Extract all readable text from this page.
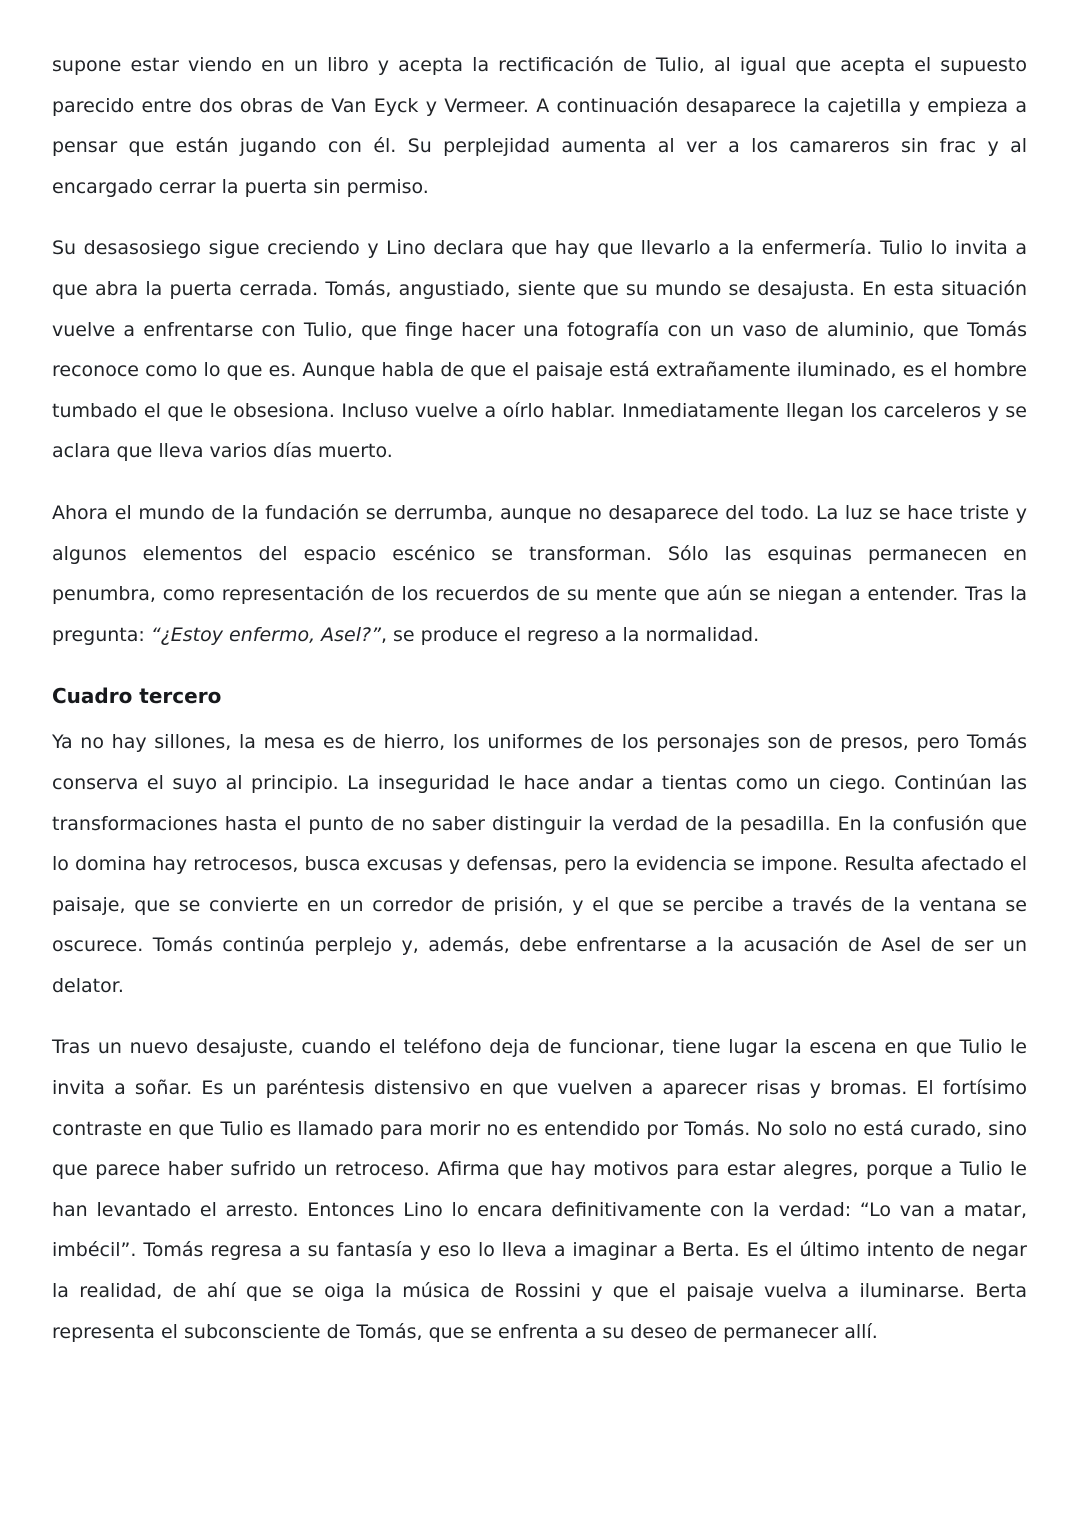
supone estar viendo en un libro y acepta la rectificación de Tulio, al igual que acepta el supuesto parecido entre dos obras de Van Eyck y Vermeer. A continuación desaparece la cajetilla y empieza a pensar que están jugando con él. Su perplejidad aumenta al ver a los camareros sin frac y al encargado cerrar la puerta sin permiso.

Su desasosiego sigue creciendo y Lino declara que hay que llevarlo a la enfermería. Tulio lo invita a que abra la puerta cerrada. Tomás, angustiado, siente que su mundo se desajusta. En esta situación vuelve a enfrentarse con Tulio, que finge hacer una fotografía con un vaso de aluminio, que Tomás reconoce como lo que es. Aunque habla de que el paisaje está extrañamente iluminado, es el hombre tumbado el que le obsesiona. Incluso vuelve a oírlo hablar. Inmediatamente llegan los carceleros y se aclara que lleva varios días muerto.

Ahora el mundo de la fundación se derrumba, aunque no desaparece del todo. La luz se hace triste y algunos elementos del espacio escénico se transforman. Sólo las esquinas permanecen en penumbra, como representación de los recuerdos de su mente que aún se niegan a entender. Tras la pregunta: “¿Estoy enfermo, Asel?”, se produce el regreso a la normalidad.

Cuadro tercero

Ya no hay sillones, la mesa es de hierro, los uniformes de los personajes son de presos, pero Tomás conserva el suyo al principio. La inseguridad le hace andar a tientas como un ciego. Continúan las transformaciones hasta el punto de no saber distinguir la verdad de la pesadilla. En la confusión que lo domina hay retrocesos, busca excusas y defensas, pero la evidencia se impone. Resulta afectado el paisaje, que se convierte en un corredor de prisión, y el que se percibe a través de la ventana se oscurece. Tomás continúa perplejo y, además, debe enfrentarse a la acusación de Asel de ser un delator.

Tras un nuevo desajuste, cuando el teléfono deja de funcionar, tiene lugar la escena en que Tulio le invita a soñar. Es un paréntesis distensivo en que vuelven a aparecer risas y bromas. El fortísimo contraste en que Tulio es llamado para morir no es entendido por Tomás. No solo no está curado, sino que parece haber sufrido un retroceso. Afirma que hay motivos para estar alegres, porque a Tulio le han levantado el arresto. Entonces Lino lo encara definitivamente con la verdad: “Lo van a matar, imbécil”. Tomás regresa a su fantasía y eso lo lleva a imaginar a Berta. Es el último intento de negar la realidad, de ahí que se oiga la música de Rossini y que el paisaje vuelva a iluminarse. Berta representa el subconsciente de Tomás, que se enfrenta a su deseo de permanecer allí.
